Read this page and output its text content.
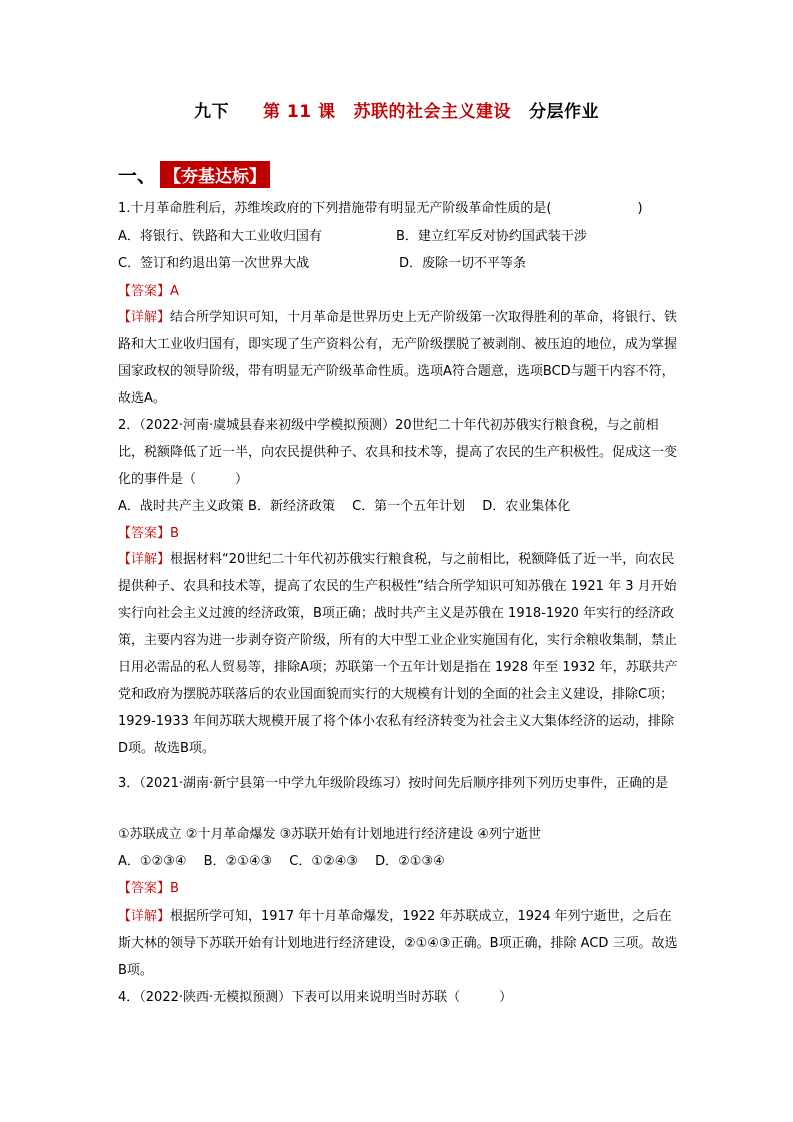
九下 第 11 课 苏联的社会主义建设 分层作业
一、 【夯基达标】
1.十月革命胜利后，苏维埃政府的下列措施带有明显无产阶级革命性质的是(	)
A．将银行、铁路和大工业收归国有	B．建立红军反对协约国武装干涉
C．签订和约退出第一次世界大战	D．废除一切不平等条
【答案】A
【详解】结合所学知识可知，十月革命是世界历史上无产阶级第一次取得胜利的革命，将银行、铁路和大工业收归国有，即实现了生产资料公有，无产阶级摆脱了被剥削、被压迫的地位，成为掌握国家政权的领导阶级，带有明显无产阶级革命性质。选项A符合题意，选项BCD与题干内容不符，故选A。
2．（2022·河南·虞城县春来初级中学模拟预测）20世纪二十年代初苏俄实行粮食税，与之前相比，税额降低了近一半，向农民提供种子、农具和技术等，提高了农民的生产积极性。促成这一变化的事件是（　　　）
A．战时共产主义政策 B．新经济政策　 C．第一个五年计划　 D．农业集体化
【答案】B
【详解】根据材料“20世纪二十年代初苏俄实行粮食税，与之前相比，税额降低了近一半，向农民提供种子、农具和技术等，提高了农民的生产积极性”结合所学知识可知苏俄在 1921 年 3 月开始实行向社会主义过渡的经济政策，B项正确；战时共产主义是苏俄在 1918-1920 年实行的经济政策，主要内容为进一步剥夺资产阶级，所有的大中型工业企业实施国有化，实行余粮收集制，禁止日用必需品的私人贸易等，排除A项；苏联第一个五年计划是指在 1928 年至 1932 年，苏联共产党和政府为摆脱苏联落后的农业国面貌而实行的大规模有计划的全面的社会主义建设，排除C项；1929-1933 年间苏联大规模开展了将个体小农私有经济转变为社会主义大集体经济的运动，排除D项。故选B项。
3．（2021·湖南·新宁县第一中学九年级阶段练习）按时间先后顺序排列下列历史事件，正确的是
①苏联成立 ②十月革命爆发 ③苏联开始有计划地进行经济建设 ④列宁逝世
A．①②③④　 B．②①④③　 C．①②④③　 D．②①③④
【答案】B
【详解】根据所学可知，1917 年十月革命爆发，1922 年苏联成立，1924 年列宁逝世，之后在斯大林的领导下苏联开始有计划地进行经济建设，②①④③正确。B项正确，排除 ACD 三项。故选B项。
4．（2022·陕西·无模拟预测）下表可以用来说明当时苏联（　　　）
